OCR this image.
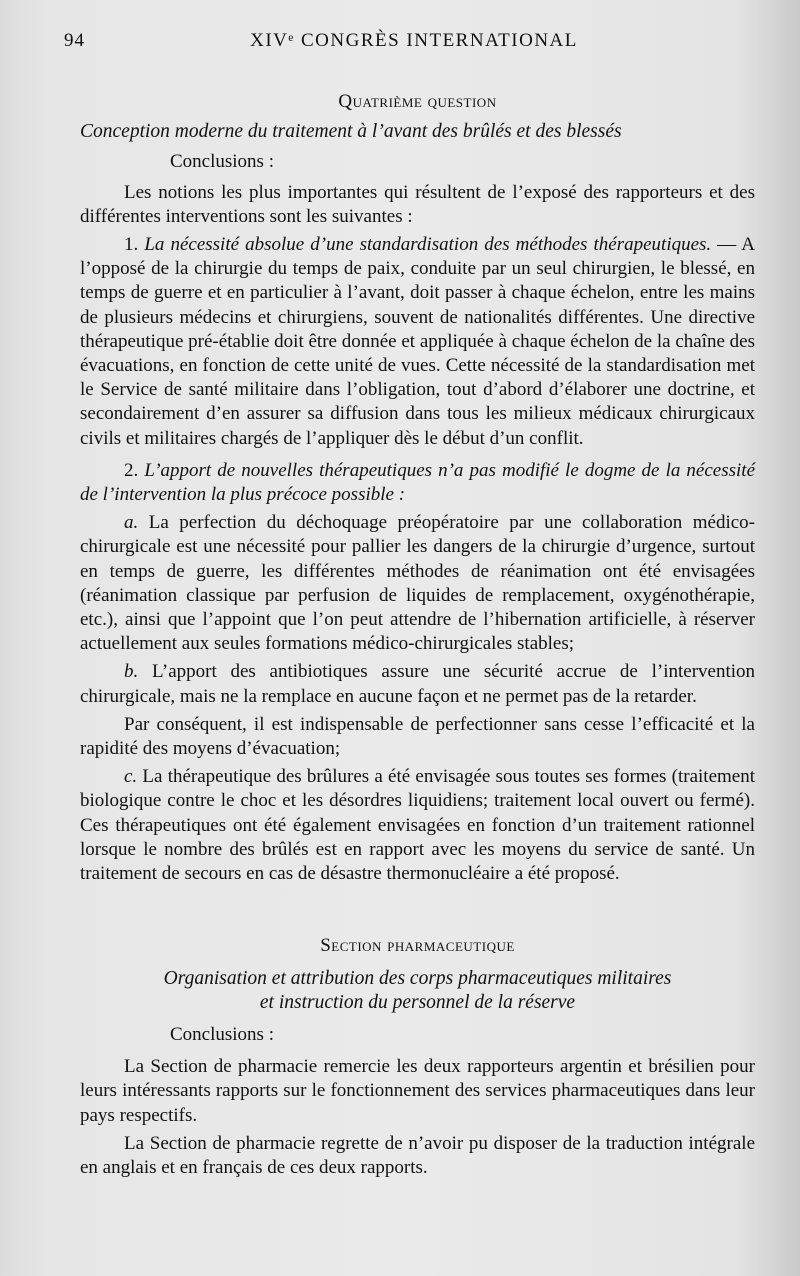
94	XIVᵉ CONGRÈS INTERNATIONAL
Quatrième question
Conception moderne du traitement à l’avant des brûlés et des blessés
Conclusions :

Les notions les plus importantes qui résultent de l’exposé des rapporteurs et des différentes interventions sont les suivantes :

1. La nécessité absolue d’une standardisation des méthodes thérapeutiques. — A l’opposé de la chirurgie du temps de paix, conduite par un seul chirurgien, le blessé, en temps de guerre et en particulier à l’avant, doit passer à chaque échelon, entre les mains de plusieurs médecins et chirurgiens, souvent de nationalités différentes. Une directive thérapeutique pré-établie doit être donnée et appliquée à chaque échelon de la chaîne des évacuations, en fonction de cette unité de vues. Cette nécessité de la standardisation met le Service de santé militaire dans l’obligation, tout d’abord d’élaborer une doctrine, et secondairement d’en assurer sa diffusion dans tous les milieux médicaux chirurgicaux civils et militaires chargés de l’appliquer dès le début d’un conflit.

2. L’apport de nouvelles thérapeutiques n’a pas modifié le dogme de la nécessité de l’intervention la plus précoce possible :

a. La perfection du déchoquage préopératoire par une collaboration médico-chirurgicale est une nécessité pour pallier les dangers de la chirurgie d’urgence, surtout en temps de guerre, les différentes méthodes de réanimation ont été envisagées (réanimation classique par perfusion de liquides de remplacement, oxygénothérapie, etc.), ainsi que l’appoint que l’on peut attendre de l’hibernation artificielle, à réserver actuellement aux seules formations médico-chirurgicales stables;

b. L’apport des antibiotiques assure une sécurité accrue de l’intervention chirurgicale, mais ne la remplace en aucune façon et ne permet pas de la retarder.

Par conséquent, il est indispensable de perfectionner sans cesse l’efficacité et la rapidité des moyens d’évacuation;

c. La thérapeutique des brûlures a été envisagée sous toutes ses formes (traitement biologique contre le choc et les désordres liquidiens; traitement local ouvert ou fermé). Ces thérapeutiques ont été également envisagées en fonction d’un traitement rationnel lorsque le nombre des brûlés est en rapport avec les moyens du service de santé. Un traitement de secours en cas de désastre thermonucléaire a été proposé.

Section pharmaceutique
Organisation et attribution des corps pharmaceutiques militaires
et instruction du personnel de la réserve
Conclusions :

La Section de pharmacie remercie les deux rapporteurs argentin et brésilien pour leurs intéressants rapports sur le fonctionnement des services pharmaceutiques dans leur pays respectifs.

La Section de pharmacie regrette de n’avoir pu disposer de la traduction intégrale en anglais et en français de ces deux rapports.
